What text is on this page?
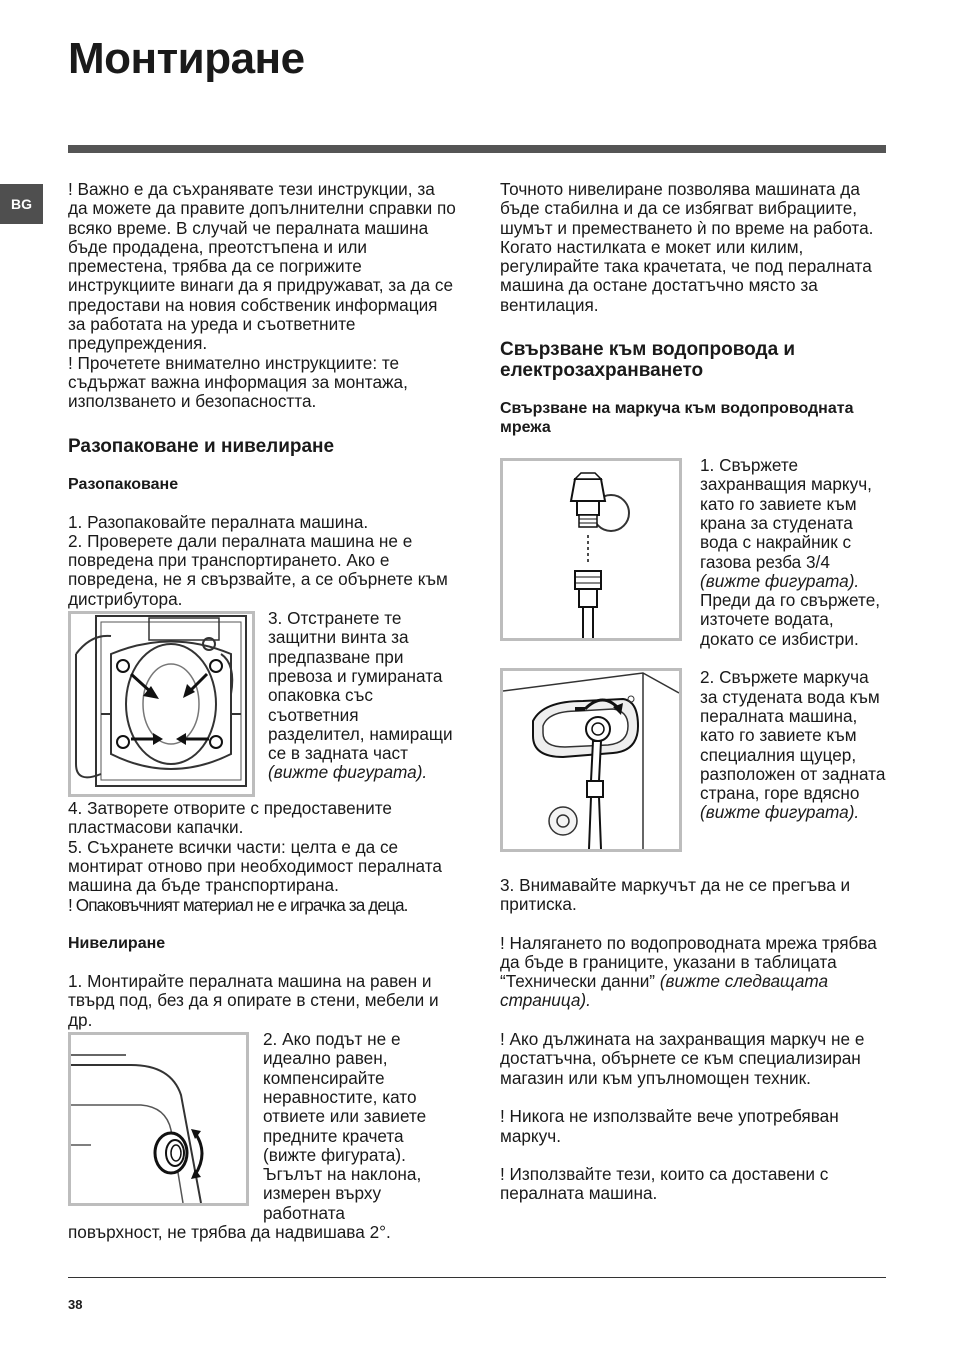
Монтиране
BG

! Важно е да съхранявате тези инструкции, за да можете да правите допълнителни справки по всяко време. В случай че пералната машина бъде продадена, преотстъпена и или преместена, трябва да се погрижите инструкциите винаги да я придружават, за да се предостави на новия собственик информация за работата на уреда и съответните предупреждения.

! Прочетете внимателно инструкциите: те съдържат важна информация за монтажа, използването и безопасността.

Разопаковане и нивелиране
Разопаковане

1. Разопаковайте пералната машина.

2. Проверете дали пералната машина не е повредена при транспортирането. Ако е повредена, не я свързвайте, а се обърнете към дистрибутора.

3. Отстранете те защитни винта за предпазване при превоза и гумираната опаковка със съответния разделител, намиращи се в задната част (вижте фигурата).

4. Затворете отворите с предоставените пластмасови капачки.

5. Съхранете всички части: целта е да се монтират отново при необходимост пералната машина да бъде транспортирана.

! Опаковъчният материал не е играчка за деца.

Нивелиране

1. Монтирайте пералната машина на равен и твърд под, без да я опирате в стени, мебели и др.

2. Ако подът не е идеално равен, компенсирайте неравностите, като отвиете или завиете предните крачета (вижте фигурата). Ъгълът на наклона, измерен върху работната

повърхност, не трябва да надвишава 2°.

Точното нивелиране позволява машината да бъде стабилна и да се избягват вибрациите, шумът и преместването ѝ по време на работа. Когато настилката е мокет или килим, регулирайте така крачетата, че под пералната машина да остане достатъчно място за вентилация.

Свързване към водопровода и електрозахранването
Свързване на маркуча към водопроводната мрежа
1. Свържете захранващия маркуч, като го завиете към крана за студената вода с накрайник с газова резба 3/4 (вижте фигурата). Преди да го свържете, източете водата, докато се избистри.
2. Свържете маркуча за студената вода към пералната машина, като го завиете към специалния щуцер, разположен от задната страна, горе вдясно (вижте фигурата).

3. Внимавайте маркучът да не се прегъва и притиска.

! Налягането по водопроводната мрежа трябва да бъде в границите, указани в таблицата “Технически данни” (вижте следващата страница).

! Ако дължината на захранващия маркуч не е достатъчна, обърнете се към специализиран магазин или към упълномощен техник.

! Никога не използвайте вече употребяван маркуч.

! Използвайте тези, които са доставени с пералната машина.

38
